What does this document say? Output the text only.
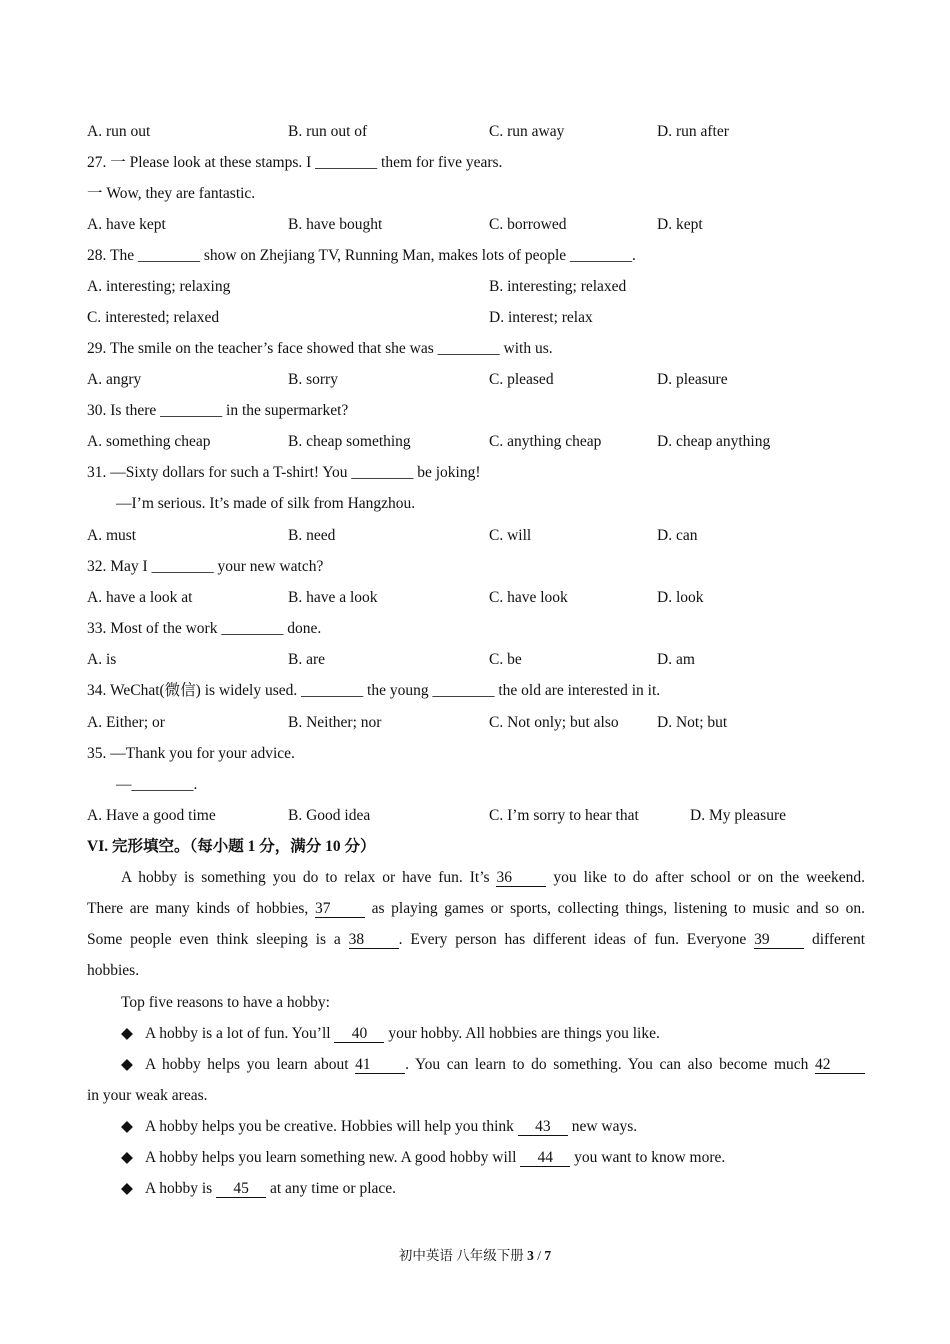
A. run out	B. run out of	C. run away	D. run after
27. 一 Please look at these stamps. I ________ them for five years.
一 Wow, they are fantastic.
A. have kept	B. have bought	C. borrowed	D. kept
28. The ________ show on Zhejiang TV, Running Man, makes lots of people ________.
A. interesting; relaxing	B. interesting; relaxed
C. interested; relaxed	D. interest; relax
29. The smile on the teacher’s face showed that she was ________ with us.
A. angry	B. sorry	C. pleased	D. pleasure
30. Is there ________ in the supermarket?
A. something cheap	B. cheap something	C. anything cheap	D. cheap anything
31. —Sixty dollars for such a T-shirt! You ________ be joking!
—I’m serious. It’s made of silk from Hangzhou.
A. must	B. need	C. will	D. can
32. May I ________ your new watch?
A. have a look at	B. have a look	C. have look	D. look
33. Most of the work ________ done.
A. is	B. are	C. be	D. am
34. WeChat(微信) is widely used. ________ the young ________ the old are interested in it.
A. Either; or	B. Neither; nor	C. Not only; but also D. Not; but
35. —Thank you for your advice.
—________.
A. Have a good time	B. Good idea	C. I’m sorry to hear that	D. My pleasure
VI. 完形填空。（每小题 1 分，满分 10 分）
A hobby is something you do to relax or have fun. It’s 36	you like to do after school or on the weekend.
There are many kinds of hobbies, 37	as playing games or sports, collecting things, listening to music and so on.
Some people even think sleeping is a 38 . Every person has different ideas of fun. Everyone 39	different
hobbies.
Top five reasons to have a hobby:
◆ A hobby is a lot of fun. You’ll 40 your hobby. All hobbies are things you like.
◆ A hobby helps you learn about 41 . You can learn to do something. You can also become much 42
in your weak areas.
◆ A hobby helps you be creative. Hobbies will help you think 43 new ways.
◆ A hobby helps you learn something new. A good hobby will 44 you want to know more.
◆ A hobby is 45 at any time or place.
初中英语 八年级下册 3 / 7
